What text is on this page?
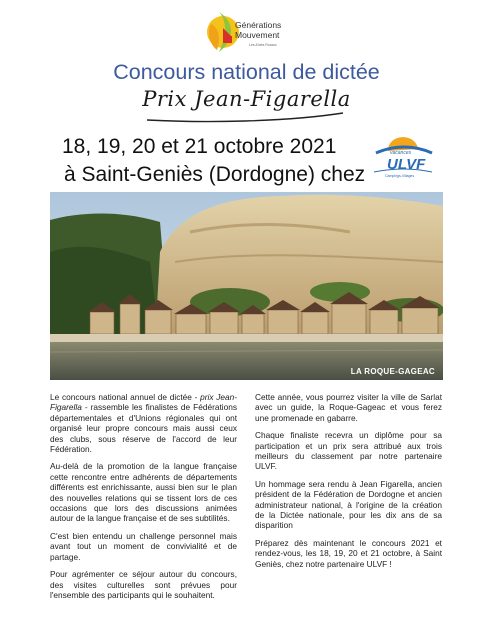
Générations
Mouvement
Les Aînés Ruraux
Concours national de dictée
Prix Jean-Figarella
18, 19, 20 et 21 octobre 2021
à Saint-Geniès (Dordogne) chez
vacances
ULVF
Campings-Villages
LA ROQUE-GAGEAC

Le concours national annuel de dictée - prix Jean-Figarella - rassemble les finalistes de Fédérations départementales et d'Unions régionales qui ont organisé leur propre concours mais aussi ceux des clubs, sous réserve de l'accord de leur Fédération.

Au-delà de la promotion de la langue française cette rencontre entre adhérents de départements différents est enrichissante, aussi bien sur le plan des nouvelles relations qui se tissent lors de ces occasions que lors des discussions animées autour de la langue française et de ses subtilités.

C'est bien entendu un challenge personnel mais avant tout un moment de convivialité et de partage.

Pour agrémenter ce séjour autour du concours, des visites culturelles sont prévues pour l'ensemble des participants qui le souhaitent.

Cette année, vous pourrez visiter la ville de Sarlat avec un guide, la Roque-Gageac et vous ferez une promenade en gabarre.

Chaque finaliste recevra un diplôme pour sa participation et un prix sera attribué aux trois meilleurs du classement par notre partenaire ULVF.

Un hommage sera rendu à Jean Figarella, ancien président de la Fédération de Dordogne et ancien administrateur national, à l'origine de la création de la Dictée nationale, pour les dix ans de sa disparition

Préparez dès maintenant le concours 2021 et rendez-vous, les 18, 19, 20 et 21 octobre, à Saint Geniès, chez notre partenaire ULVF !
